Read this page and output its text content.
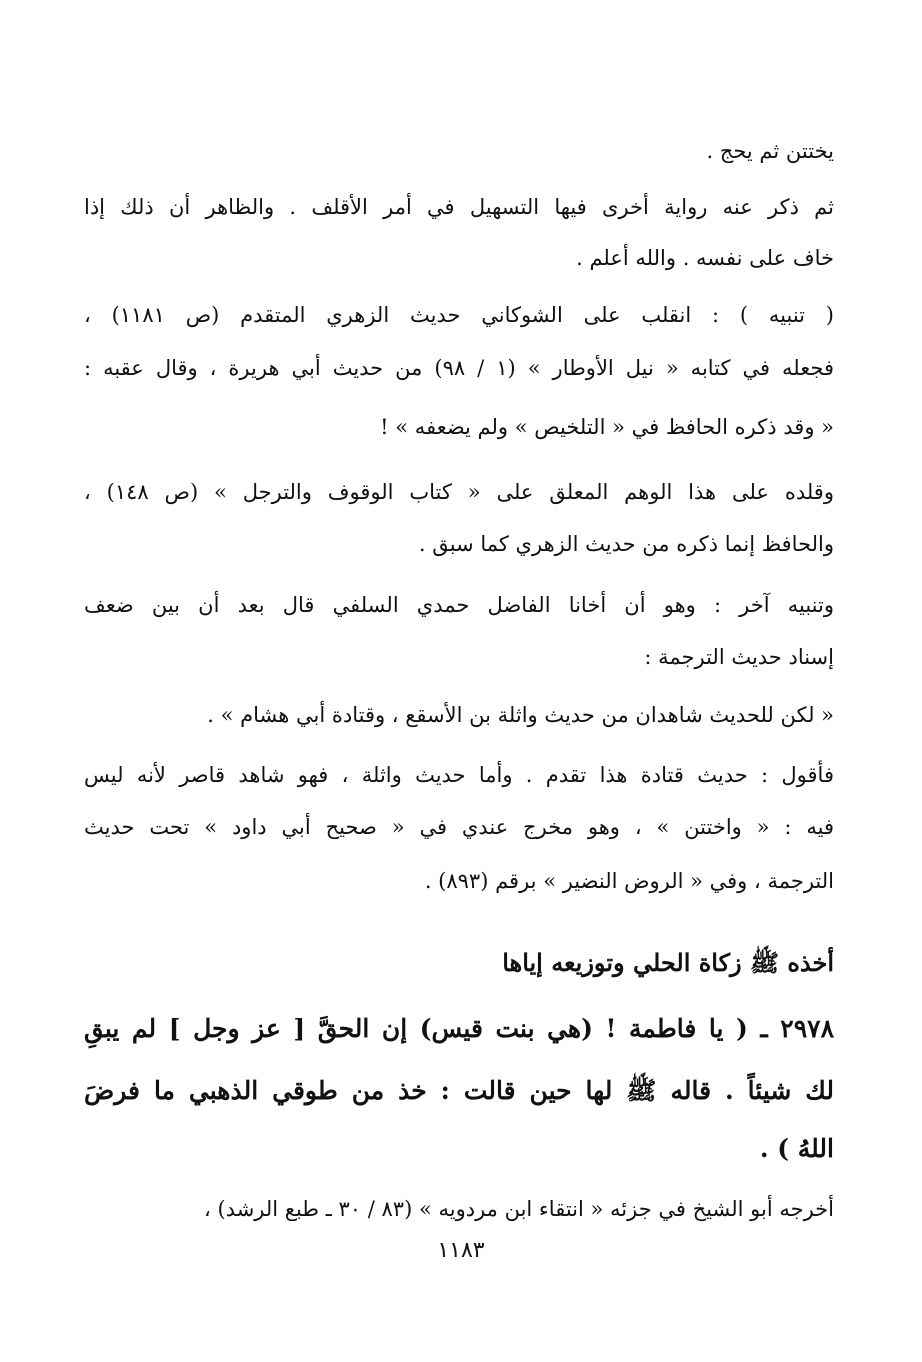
يختتن ثم يحج .
ثم ذكر عنه رواية أخرى فيها التسهيل في أمر الأقلف . والظاهر أن ذلك إذا
خاف على نفسه . والله أعلم .
( تنبيه ) : انقلب على الشوكاني حديث الزهري المتقدم (ص ١١٨١) ،
فجعله في كتابه « نيل الأوطار » (١ / ٩٨) من حديث أبي هريرة ، وقال عقبه :
« وقد ذكره الحافظ في « التلخيص » ولم يضعفه » !
وقلده على هذا الوهم المعلق على « كتاب الوقوف والترجل » (ص ١٤٨) ،
والحافظ إنما ذكره من حديث الزهري كما سبق .
وتنبيه آخر : وهو أن أخانا الفاضل حمدي السلفي قال بعد أن بين ضعف
إسناد حديث الترجمة :
« لكن للحديث شاهدان من حديث واثلة بن الأسقع ، وقتادة أبي هشام » .
فأقول : حديث قتادة هذا تقدم . وأما حديث واثلة ، فهو شاهد قاصر لأنه ليس
فيه : « واختتن » ، وهو مخرج عندي في « صحيح أبي داود » تحت حديث
الترجمة ، وفي « الروض النضير » برقم (٨٩٣) .
أخذه ﷺ زكاة الحلي وتوزيعه إياها
٢٩٧٨ ـ ( يا فاطمة ! (هي بنت قيس) إن الحقَّ [ عز وجل ] لم يبقِ
لك شيئاً . قاله ﷺ لها حين قالت : خذ من طوقي الذهبي ما فرضَ
اللهُ ) .
أخرجه أبو الشيخ في جزئه « انتقاء ابن مردويه » (٨٣ / ٣٠ ـ طبع الرشد) ،
١١٨٣
